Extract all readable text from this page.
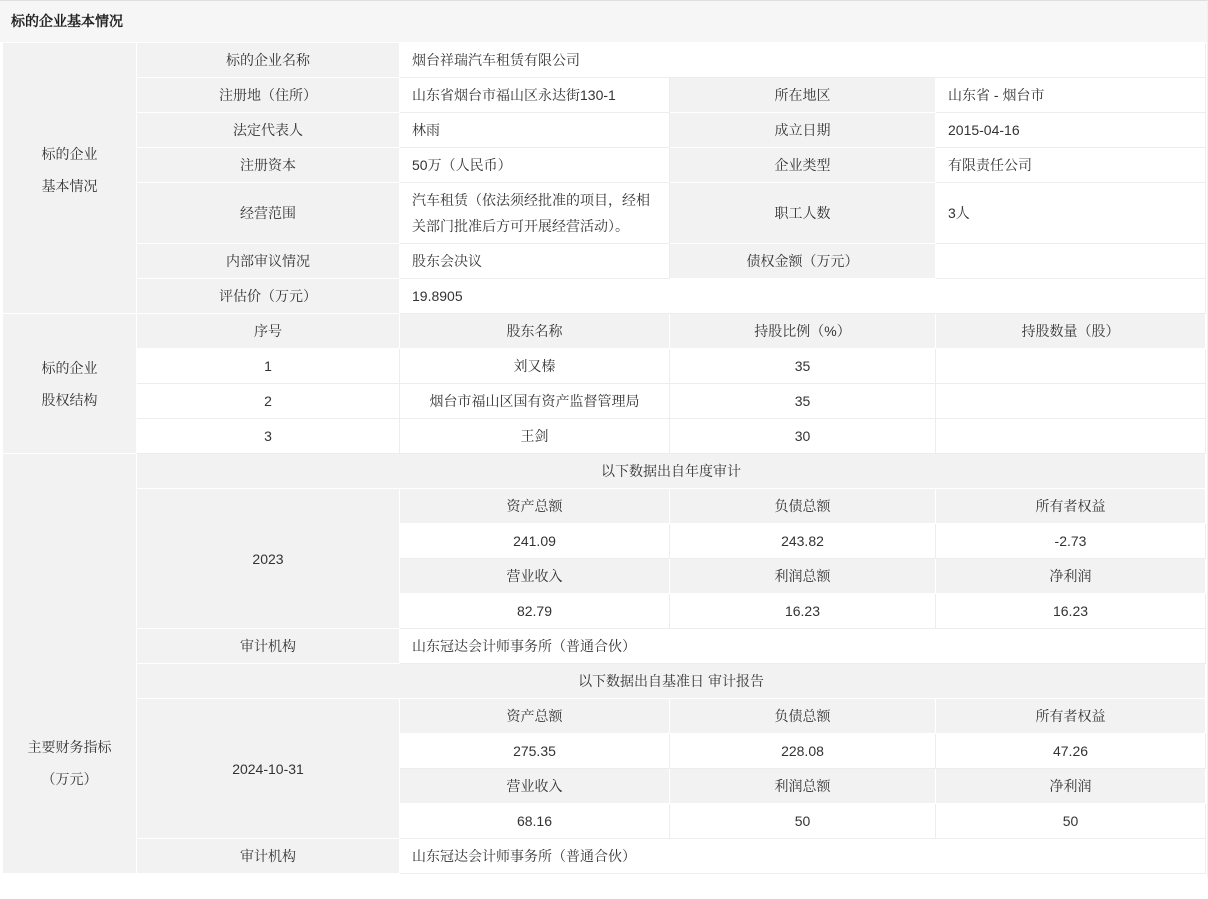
标的企业基本情况
标的企业
基本情况	标的企业名称	烟台祥瑞汽车租赁有限公司		
	注册地（住所）	山东省烟台市福山区永达街130-1	所在地区	山东省 - 烟台市
	法定代表人	林雨	成立日期	2015-04-16
	注册资本	50万（人民币）	企业类型	有限责任公司
	经营范围	汽车租赁（依法须经批准的项目，经相关部门批准后方可开展经营活动）。	职工人数	3人
	内部审议情况	股东会决议	债权金额（万元）	
	评估价（万元）	19.8905		

标的企业
股权结构	序号	股东名称	持股比例（%）	持股数量（股）
	1	刘又榛	35	
	2	烟台市福山区国有资产监督管理局	35	
	3	王剑	30	

主要财务指标
（万元）	以下数据出自年度审计			
	2023	资产总额	负债总额	所有者权益
		241.09	243.82	-2.73
		营业收入	利润总额	净利润
		82.79	16.23	16.23
	审计机构	山东冠达会计师事务所（普通合伙）		
	以下数据出自基准日 审计报告			
	2024-10-31	资产总额	负债总额	所有者权益
		275.35	228.08	47.26
		营业收入	利润总额	净利润
		68.16	50	50
	审计机构	山东冠达会计师事务所（普通合伙）		
